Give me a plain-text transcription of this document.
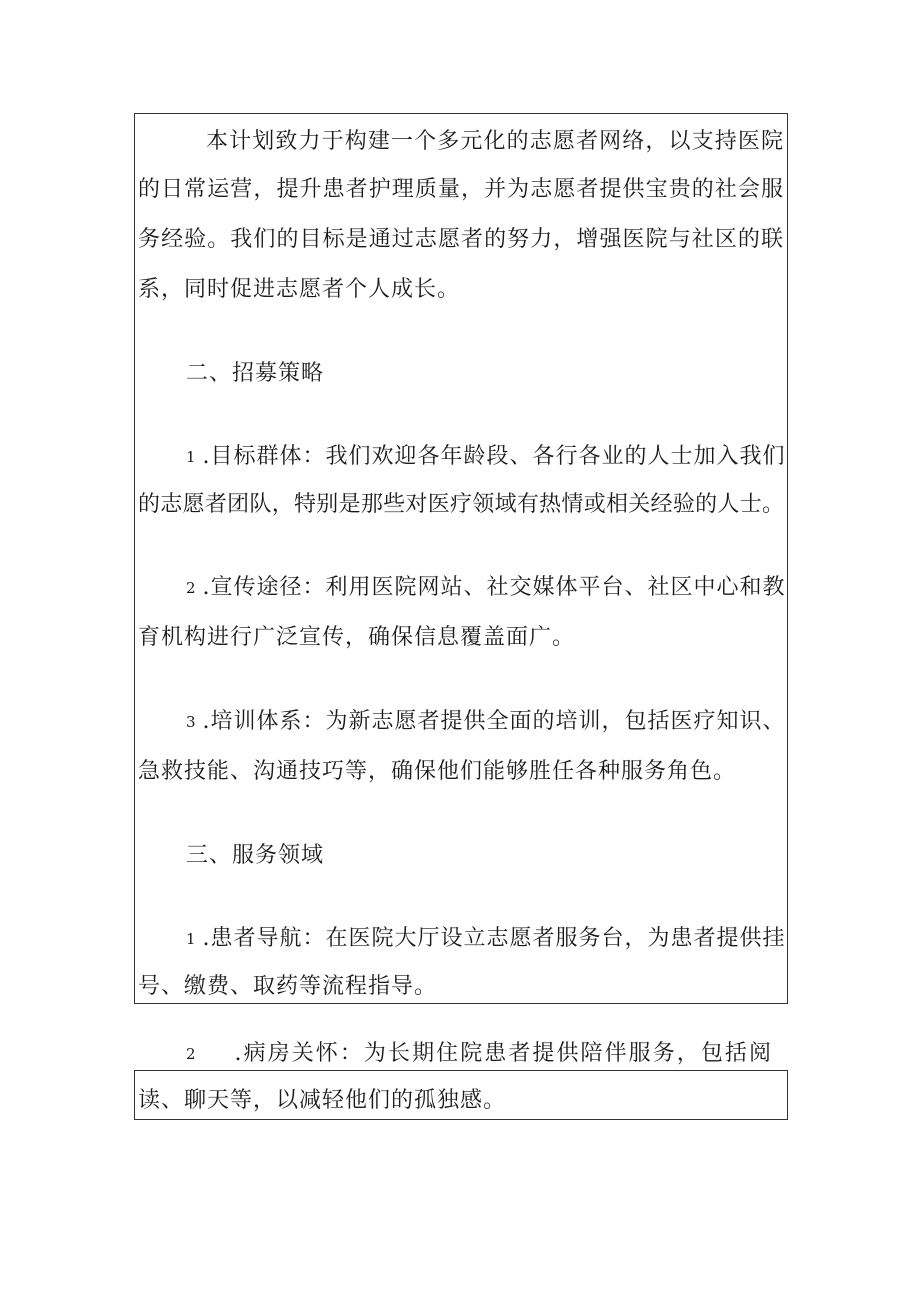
本计划致力于构建一个多元化的志愿者网络，以支持医院
的日常运营，提升患者护理质量，并为志愿者提供宝贵的社会服
务经验。我们的目标是通过志愿者的努力，增强医院与社区的联
系，同时促进志愿者个人成长。
二、招募策略
1 .目标群体：我们欢迎各年龄段、各行各业的人士加入我们
的志愿者团队，特别是那些对医疗领域有热情或相关经验的人士。
2 .宣传途径：利用医院网站、社交媒体平台、社区中心和教
育机构进行广泛宣传，确保信息覆盖面广。
3 .培训体系：为新志愿者提供全面的培训，包括医疗知识、
急救技能、沟通技巧等，确保他们能够胜任各种服务角色。
三、服务领域
1 .患者导航：在医院大厅设立志愿者服务台，为患者提供挂
号、缴费、取药等流程指导。
2 .病房关怀：为长期住院患者提供陪伴服务，包括阅
读、聊天等，以减轻他们的孤独感。
